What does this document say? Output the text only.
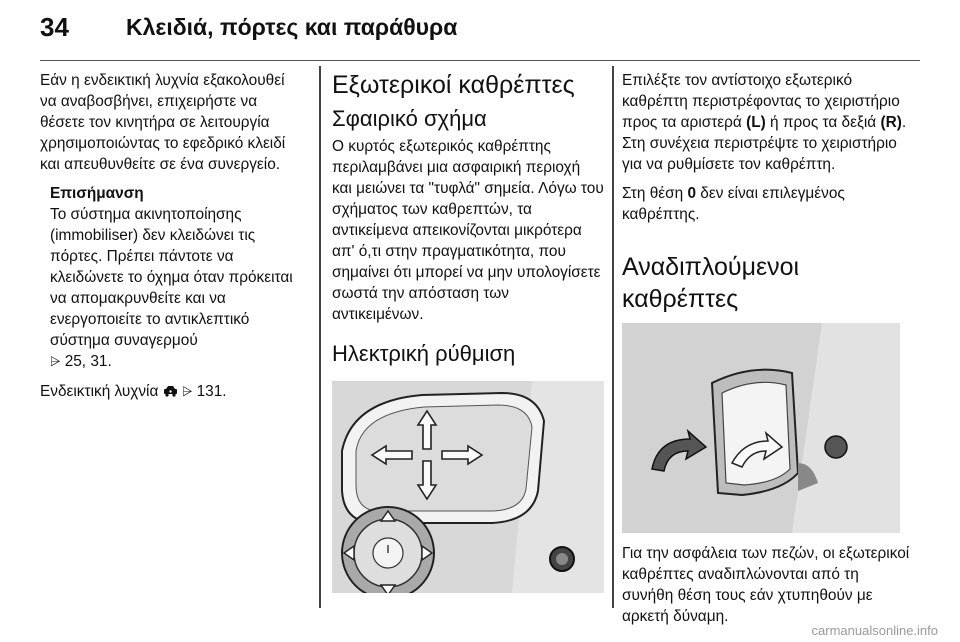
34 Κλειδιά, πόρτες και παράθυρα

Εάν η ενδεικτική λυχνία εξακολουθεί να αναβοσβήνει, επιχειρήστε να θέσετε τον κινητήρα σε λειτουργία χρησιμοποιώντας το εφεδρικό κλειδί και απευθυνθείτε σε ένα συνεργείο.

Επισήμανση
Το σύστημα ακινητοποίησης (immobiliser) δεν κλειδώνει τις πόρτες. Πρέπει πάντοτε να κλειδώνετε το όχημα όταν πρόκειται να απομακρυνθείτε και να ενεργοποιείτε το αντικλεπτικό σύστημα συναγερμού
⩥ 25, 31.

Ενδεικτική λυχνία ⩥ 131.

Εξωτερικοί καθρέπτες
Σφαιρικό σχήμα

Ο κυρτός εξωτερικός καθρέπτης περιλαμβάνει μια ασφαιρική περιοχή και μειώνει τα "τυφλά" σημεία. Λόγω του σχήματος των καθρεπτών, τα αντικείμενα απεικονίζονται μικρότερα απ' ό,τι στην πραγματικότητα, που σημαίνει ότι μπορεί να μην υπολογίσετε σωστά την απόσταση των αντικειμένων.

Ηλεκτρική ρύθμιση

Επιλέξτε τον αντίστοιχο εξωτερικό καθρέπτη περιστρέφοντας το χειριστήριο προς τα αριστερά (L) ή προς τα δεξιά (R). Στη συνέχεια περιστρέψτε το χειριστήριο για να ρυθμίσετε τον καθρέπτη.

Στη θέση 0 δεν είναι επιλεγμένος καθρέπτης.

Αναδιπλούμενοι καθρέπτες

Για την ασφάλεια των πεζών, οι εξωτερικοί καθρέπτες αναδιπλώνονται από τη συνήθη θέση τους εάν χτυπηθούν με αρκετή δύναμη.

carmanualsonline.info
